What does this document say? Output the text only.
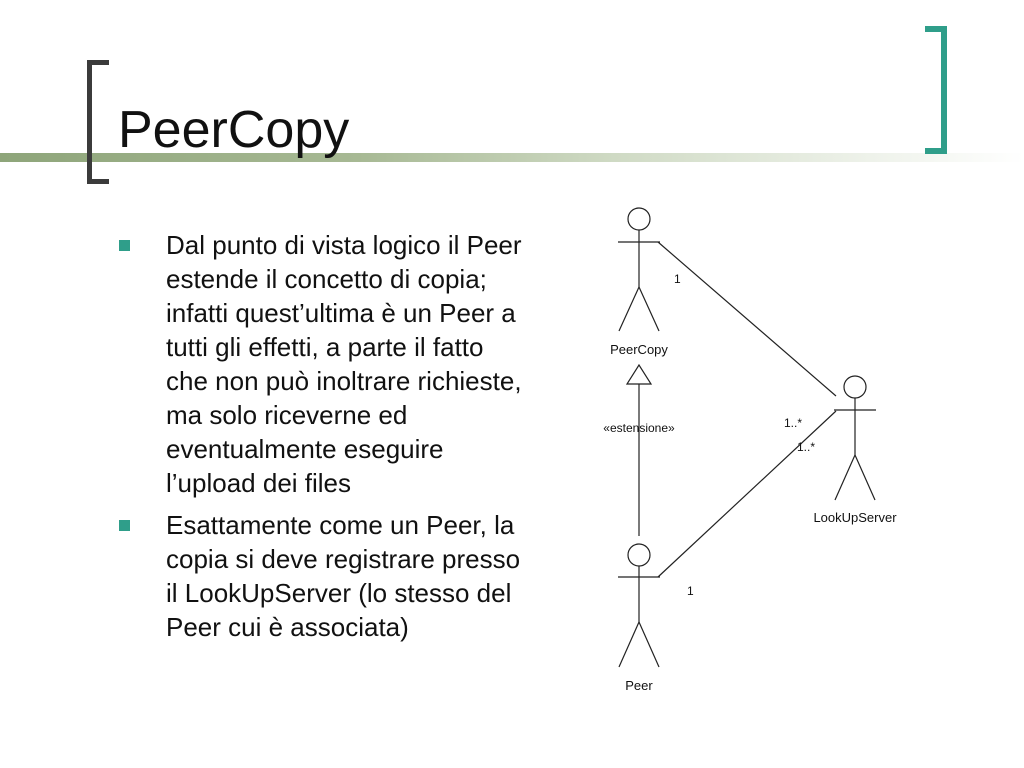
PeerCopy
Dal punto di vista logico il Peer estende il concetto di copia; infatti quest’ultima è un Peer a tutti gli effetti, a parte il fatto che non può inoltrare richieste, ma solo riceverne ed eventualmente eseguire l’upload dei files
Esattamente come un Peer, la copia si deve registrare presso il LookUpServer (lo stesso del Peer cui è associata)
PeerCopy
Peer
LookUpServer
«estensione»
1
1..*
1..*
1
